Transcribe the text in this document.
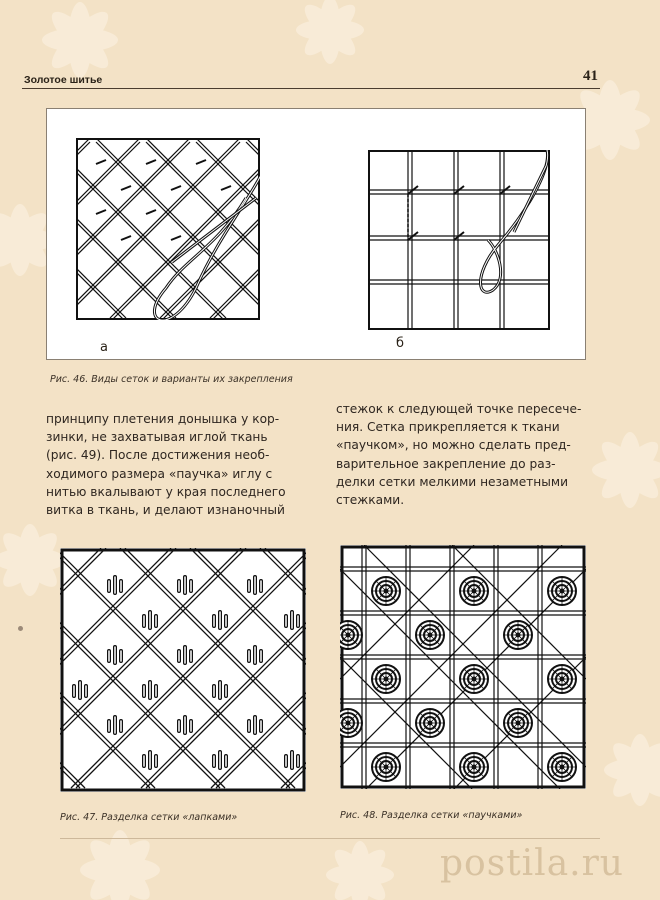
Золотое шитье	41
а	б
Рис. 46. Виды сеток и варианты их закрепления
принципу плетения донышка у кор-
зинки, не захватывая иглой ткань
(рис. 49). После достижения необ-
ходимого размера «паучка» иглу с
нитью вкалывают у края последнего
витка в ткань, и делают изнаночный
стежок к следующей точке пересече-
ния. Сетка прикрепляется к ткани
«паучком», но можно сделать пред-
варительное закрепление до раз-
делки сетки мелкими незаметными
стежками.
Рис. 47. Разделка сетки «лапками»	Рис. 48. Разделка сетки «паучками»
postila.ru
